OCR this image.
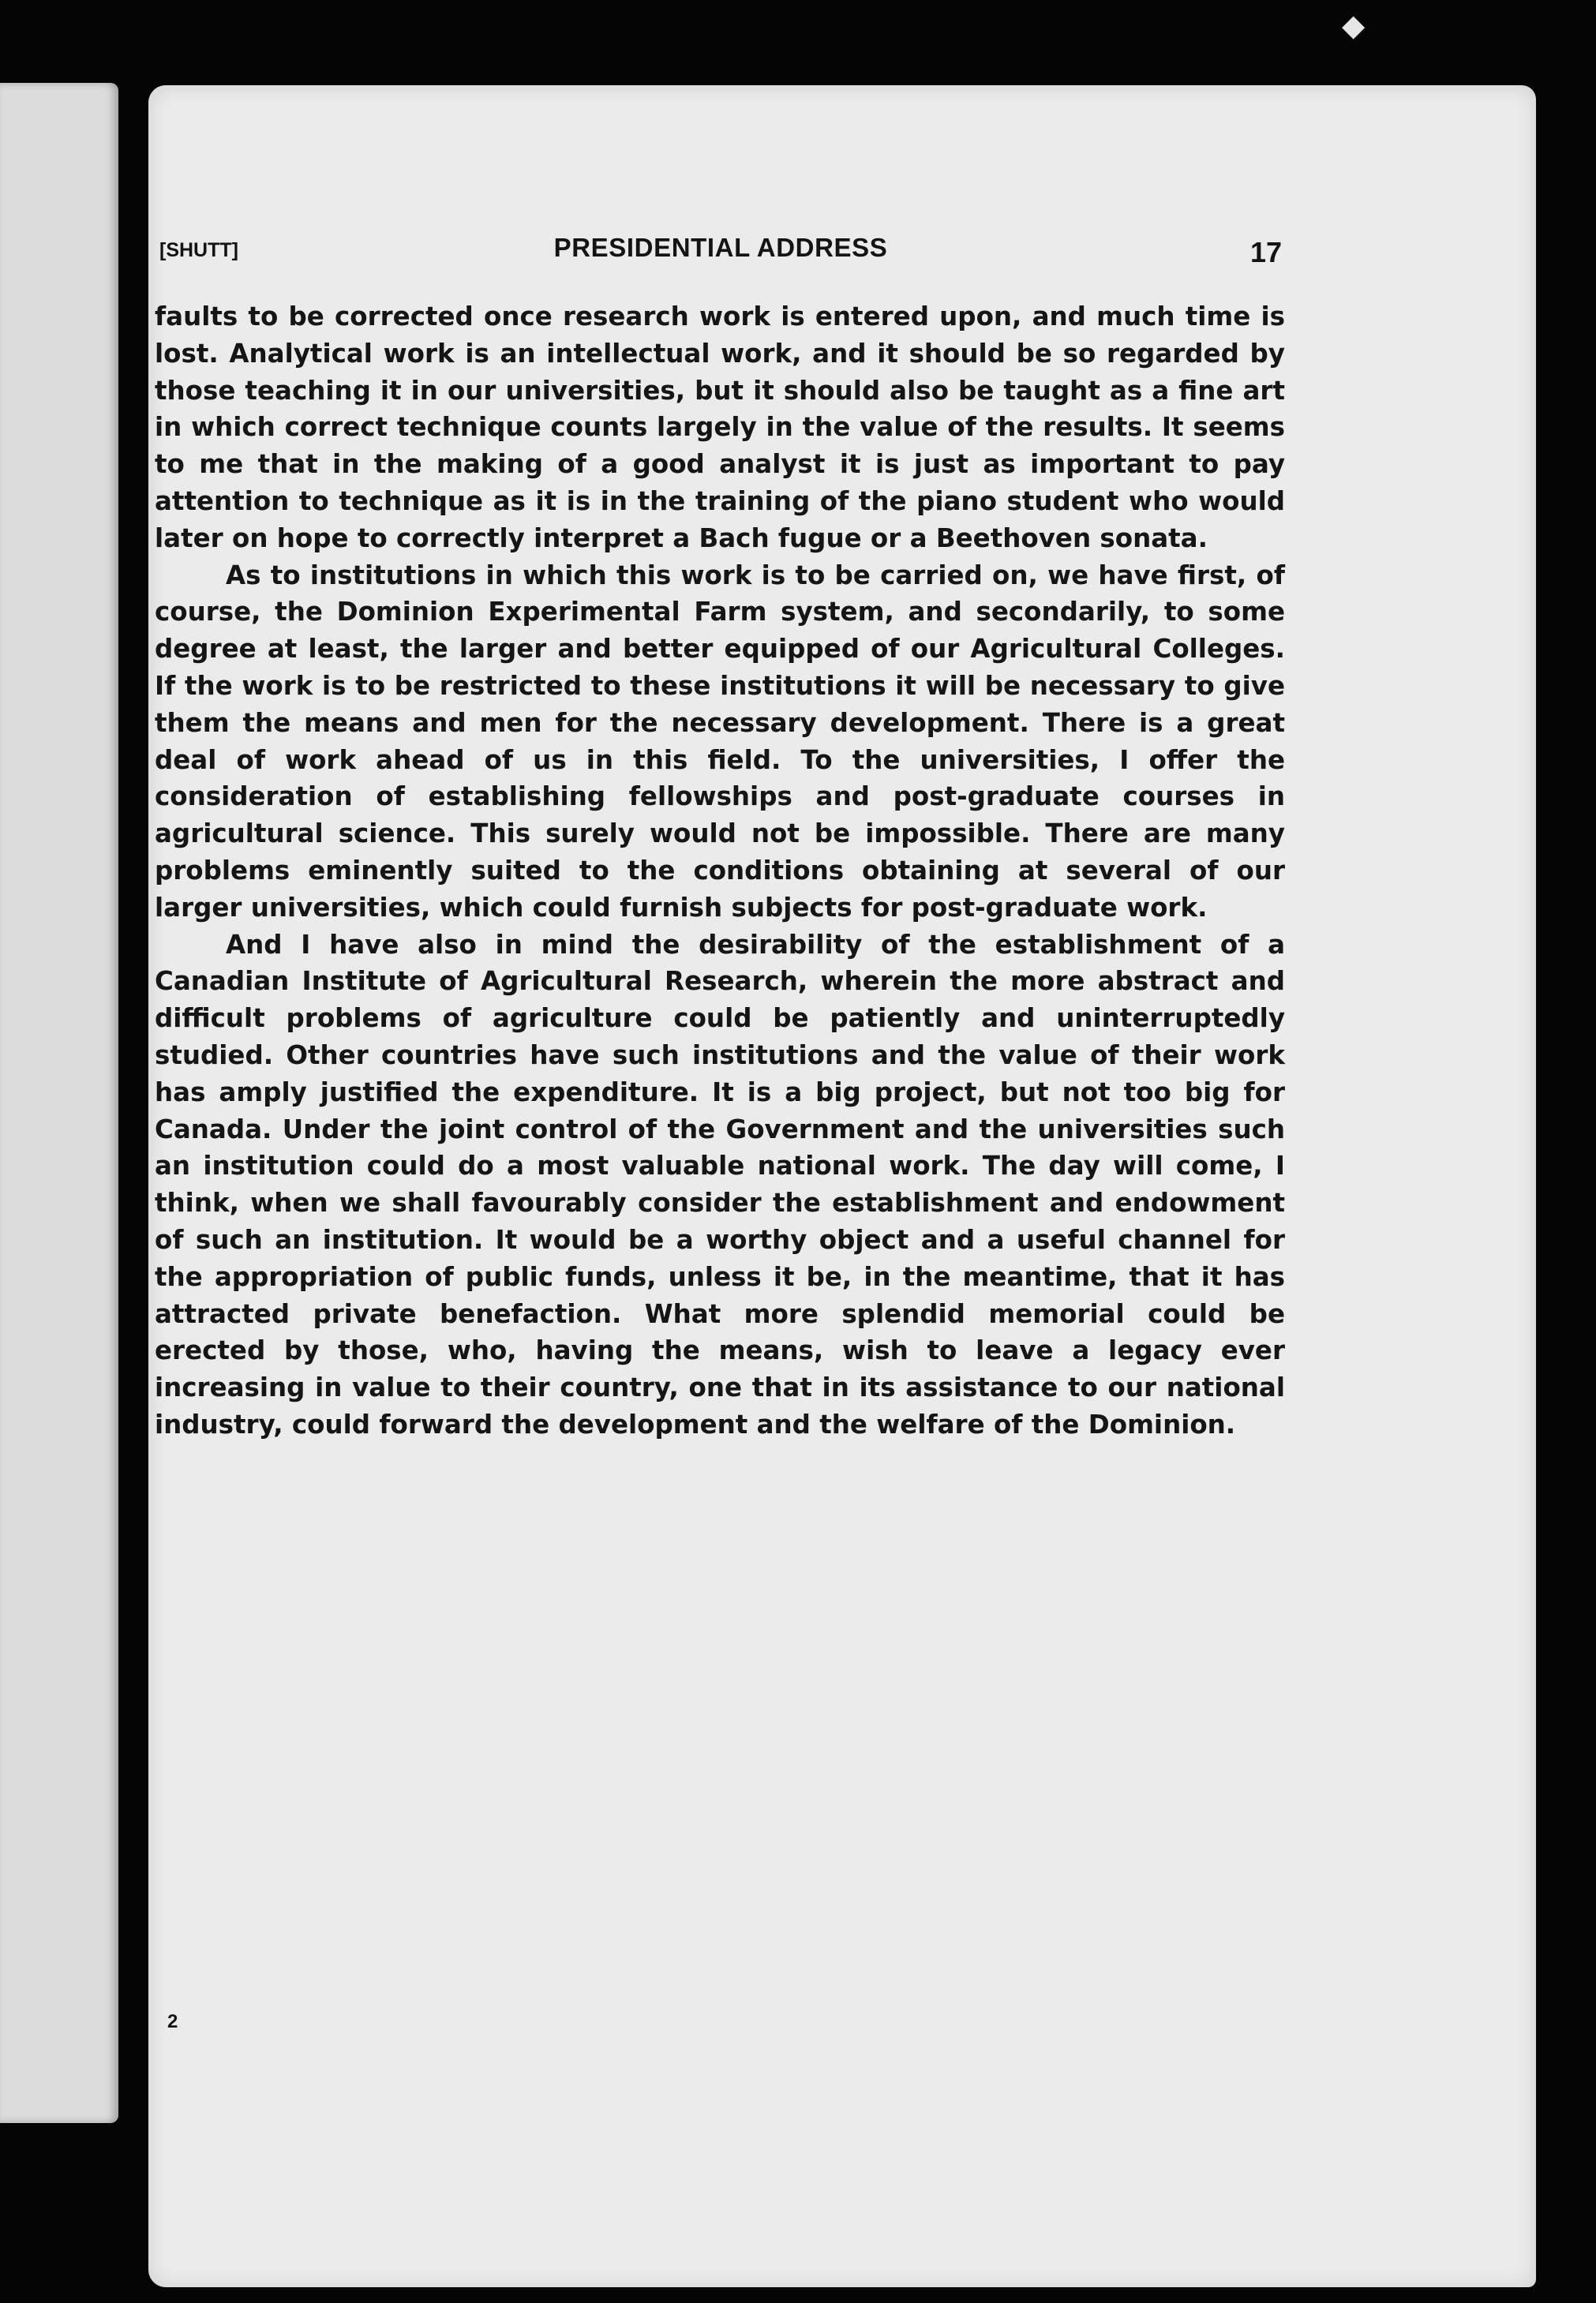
◆
[SHUTT]	PRESIDENTIAL ADDRESS	17

faults to be corrected once research work is entered upon, and much time is lost. Analytical work is an intellectual work, and it should be so regarded by those teaching it in our universities, but it should also be taught as a fine art in which correct technique counts largely in the value of the results. It seems to me that in the making of a good analyst it is just as important to pay attention to technique as it is in the training of the piano student who would later on hope to correctly interpret a Bach fugue or a Beethoven sonata.

As to institutions in which this work is to be carried on, we have first, of course, the Dominion Experimental Farm system, and secondarily, to some degree at least, the larger and better equipped of our Agricultural Colleges. If the work is to be restricted to these institutions it will be necessary to give them the means and men for the necessary development. There is a great deal of work ahead of us in this field. To the universities, I offer the consideration of establishing fellowships and post-graduate courses in agricultural science. This surely would not be impossible. There are many problems eminently suited to the conditions obtaining at several of our larger universities, which could furnish subjects for post-graduate work.

And I have also in mind the desirability of the establishment of a Canadian Institute of Agricultural Research, wherein the more abstract and difficult problems of agriculture could be patiently and uninterruptedly studied. Other countries have such institutions and the value of their work has amply justified the expenditure. It is a big project, but not too big for Canada. Under the joint control of the Government and the universities such an institution could do a most valuable national work. The day will come, I think, when we shall favourably consider the establishment and endowment of such an institution. It would be a worthy object and a useful channel for the appropriation of public funds, unless it be, in the meantime, that it has attracted private benefaction. What more splendid memorial could be erected by those, who, having the means, wish to leave a legacy ever increasing in value to their country, one that in its assistance to our national industry, could forward the development and the welfare of the Dominion.

2
